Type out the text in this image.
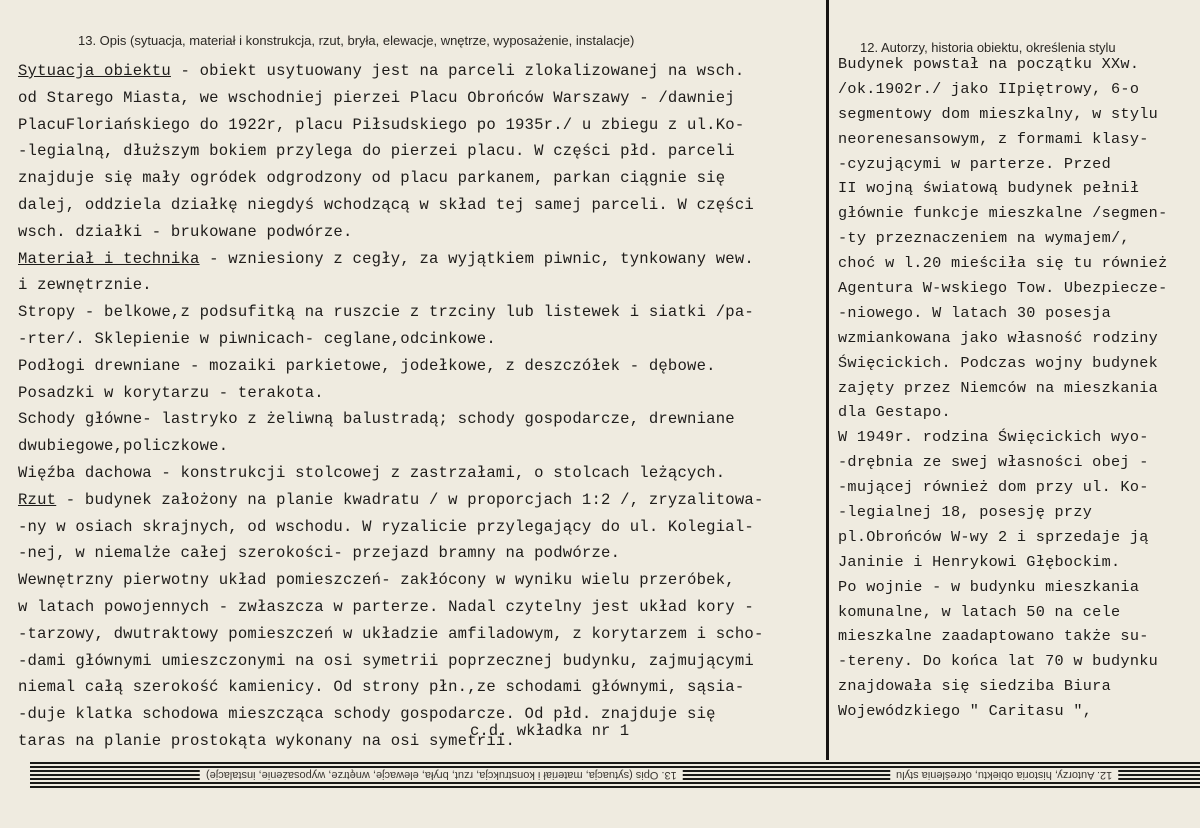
13. Opis (sytuacja, materiał i konstrukcja, rzut, bryła, elewacje, wnętrze, wyposażenie, instalacje)	12. Autorzy, historia obiektu, określenia stylu
Sytuacja obiektu - obiekt usytuowany jest na parceli zlokalizowanej na wsch.
od Starego Miasta, we wschodniej pierzei Placu Obrońców Warszawy - /dawniej
PlacuFloriańskiego do 1922r, placu Piłsudskiego po 1935r./ u zbiegu z ul.Ko-
-legialną, dłuższym bokiem przylega do pierzei placu. W części płd. parceli
znajduje się mały ogródek odgrodzony od placu parkanem, parkan ciągnie się
dalej, oddziela działkę niegdyś wchodzącą w skład tej samej parceli. W części
wsch. działki - brukowane podwórze.
Materiał i technika - wzniesiony z cegły, za wyjątkiem piwnic, tynkowany wew.
i zewnętrznie.
Stropy - belkowe,z podsufitką na ruszcie z trzciny lub listewek i siatki /pa-
-rter/. Sklepienie w piwnicach- ceglane,odcinkowe.
Podłogi drewniane - mozaiki parkietowe, jodełkowe, z deszczółek - dębowe.
Posadzki w korytarzu - terakota.
Schody główne- lastryko z żeliwną balustradą; schody gospodarcze, drewniane
dwubiegowe,policzkowe.
Więźba dachowa - konstrukcji stolcowej z zastrzałami, o stolcach leżących.
Rzut - budynek założony na planie kwadratu / w proporcjach 1:2 /, zryzalitowa-
-ny w osiach skrajnych, od wschodu. W ryzalicie przylegający do ul. Kolegial-
-nej, w niemalże całej szerokości- przejazd bramny na podwórze.
Wewnętrzny pierwotny układ pomieszczeń- zakłócony w wyniku wielu przeróbek,
w latach powojennych - zwłaszcza w parterze. Nadal czytelny jest układ kory -
-tarzowy, dwutraktowy pomieszczeń w układzie amfiladowym, z korytarzem i scho-
-dami głównymi umieszczonymi na osi symetrii poprzecznej budynku, zajmującymi
niemal całą szerokość kamienicy. Od strony płn.,ze schodami głównymi, sąsia-
-duje klatka schodowa mieszcząca schody gospodarcze. Od płd. znajduje się
taras na planie prostokąta wykonany na osi symetrii.
c.d. wkładka nr 1
Budynek powstał na początku XXw.
/ok.1902r./ jako IIpiętrowy, 6-o
segmentowy dom mieszkalny, w stylu
neorenesansowym, z formami klasy-
-cyzującymi w parterze. Przed
II wojną światową budynek pełnił
głównie funkcje mieszkalne /segmen-
-ty przeznaczeniem na wymajem/,
choć w l.20 mieściła się tu również
Agentura W-wskiego Tow. Ubezpiecze-
-niowego. W latach 30 posesja
wzmiankowana jako własność rodziny
Święcickich. Podczas wojny budynek
zajęty przez Niemców na mieszkania
dla Gestapo.
W 1949r. rodzina Święcickich wyo-
-drębnia ze swej własności obej -
-mującej również dom przy ul. Ko-
-legialnej 18, posesję przy
pl.Obrońców W-wy 2 i sprzedaje ją
Janinie i Henrykowi Głębockim.
Po wojnie - w budynku mieszkania
komunalne, w latach 50 na cele
mieszkalne zaadaptowano także su-
-tereny. Do końca lat 70 w budynku
znajdowała się siedziba Biura
Wojewódzkiego " Caritasu ",
13. Opis (sytuacja, materiał i konstrukcja, rzut, bryła, elewacje, wnętrze, wyposażenie, instalacje)	12. Autorzy, historia obiektu, określenia stylu
